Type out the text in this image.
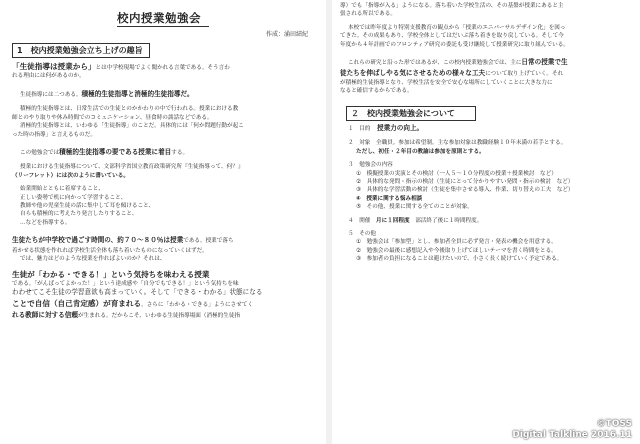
校内授業勉強会
作成：涌田結紀
1　校内授業勉強会立ち上げの趣旨

「生徒指導は授業から」とは中学校現場でよく聞かれる言葉である。そう言わ

れる理由には何があるのか。

生徒指導には二つある。積極的生徒指導と消極的生徒指導だ。

積極的生徒指導とは、日常生活での生徒とのかかわりの中で行われる。授業における教

師とのやり取りや休み時間でのコミュニケーション、昼食時の談話などである。

消極的生徒指導とは、いわゆる「生徒指導」のことだ。具体的には「何か問題行動が起こ

った時の指導」と言えるものだ。

この勉強会では積極的生徒指導の要である授業に着目する。

授業における生徒指導について、文部科学省国立教育政策研究所『生徒指導って、何？』

（リーフレット）には次のように書いている。

始業開始とともに着席すること、

正しい姿勢で机に向かって学習すること、

教師や他の児童生徒の話に集中して耳を傾けること、

自らも積極的に考えたり発言したりすること、

…などを指導する。

生徒たちが中学校で過ごす時間の、約７０～８０％は授業である。授業で落ち

着かせる状態を作れれば学校生活全体も落ち着いたものになっていくはずだ。

では、魅力はどのような授業を作ればよいのか？それは、

生徒が「わかる・できる！」という気持ちを味わえる授業

である。「がんばってよかった！」という達成感や「自分でもできる！」という気持ちを味

わわせてこそ生徒の学習意欲も高まっていく。そして「できる・わかる」状態になる

ことで自信（自己肯定感）が育まれる。さらに「わかる・できる」ようにさせてく

れる教師に対する信頼が生まれる。だからこそ、いわゆる生徒指導場面（消極的生徒指

導）でも「指導が入る」ようになる。落ち着いた学校生活の、その基盤が授業にあると主

張される所以である。

本校では昨年度より特別支援教育の観点から「授業のエニバーサルデザイン化」を図っ

てきた。その成果もあり、学校全体としてはだいぶ落ち着きを取り戻している。そして今

年度から４年計画でのフロンティア研究の委託も受け継続して授業研究に取り組んでいる。

これらの研究と沿った形ではあるが、この校内授業勉強会では、主に日常の授業で生

徒たちを伸ばしやる気にさせるための様々な工夫について取り上げていく。それ

が積極的生徒指導となり、学校生活を安全で安心な場所にしていくことに大きな力に

なると確信するからである。

２　校内授業勉強会について

１　目的　 授業力の向上。

２　対象　 全職員。参加は希望制。主な参加対象は教職経験１０年未満の若手とする。

ただし、初任・２年目の教諭は参加を原則とする。

３　勉強会の内容

①　模擬授業の実演とその検討（一人５～１０分程度の授業＋授業検討　など）

②　具体的な発問・指示の検討（生徒にとって分かりやすい発問・指示の検討　など）

③　具体的な学習活動の検討（生徒を集中させる導入、作業、切り替えの工夫　など）

④　授業に関する悩み相談

⑤　その他、授業に関する全てのことが対象。

４　開催　 月に１回程度　 部活終了後に１時間程度。

５　その他

①　勉強会は「参加型」とし、参加者全員に必ず発言・発表の機会を用意する。

②　勉強会の最後に感想記入や今後取り上げてほしいテーマを書く時間をとる。

③　参加者の負担になることは避けたいので、小さく長く続けていく予定である。

©TOSS
Digital Talkline 2016.11
